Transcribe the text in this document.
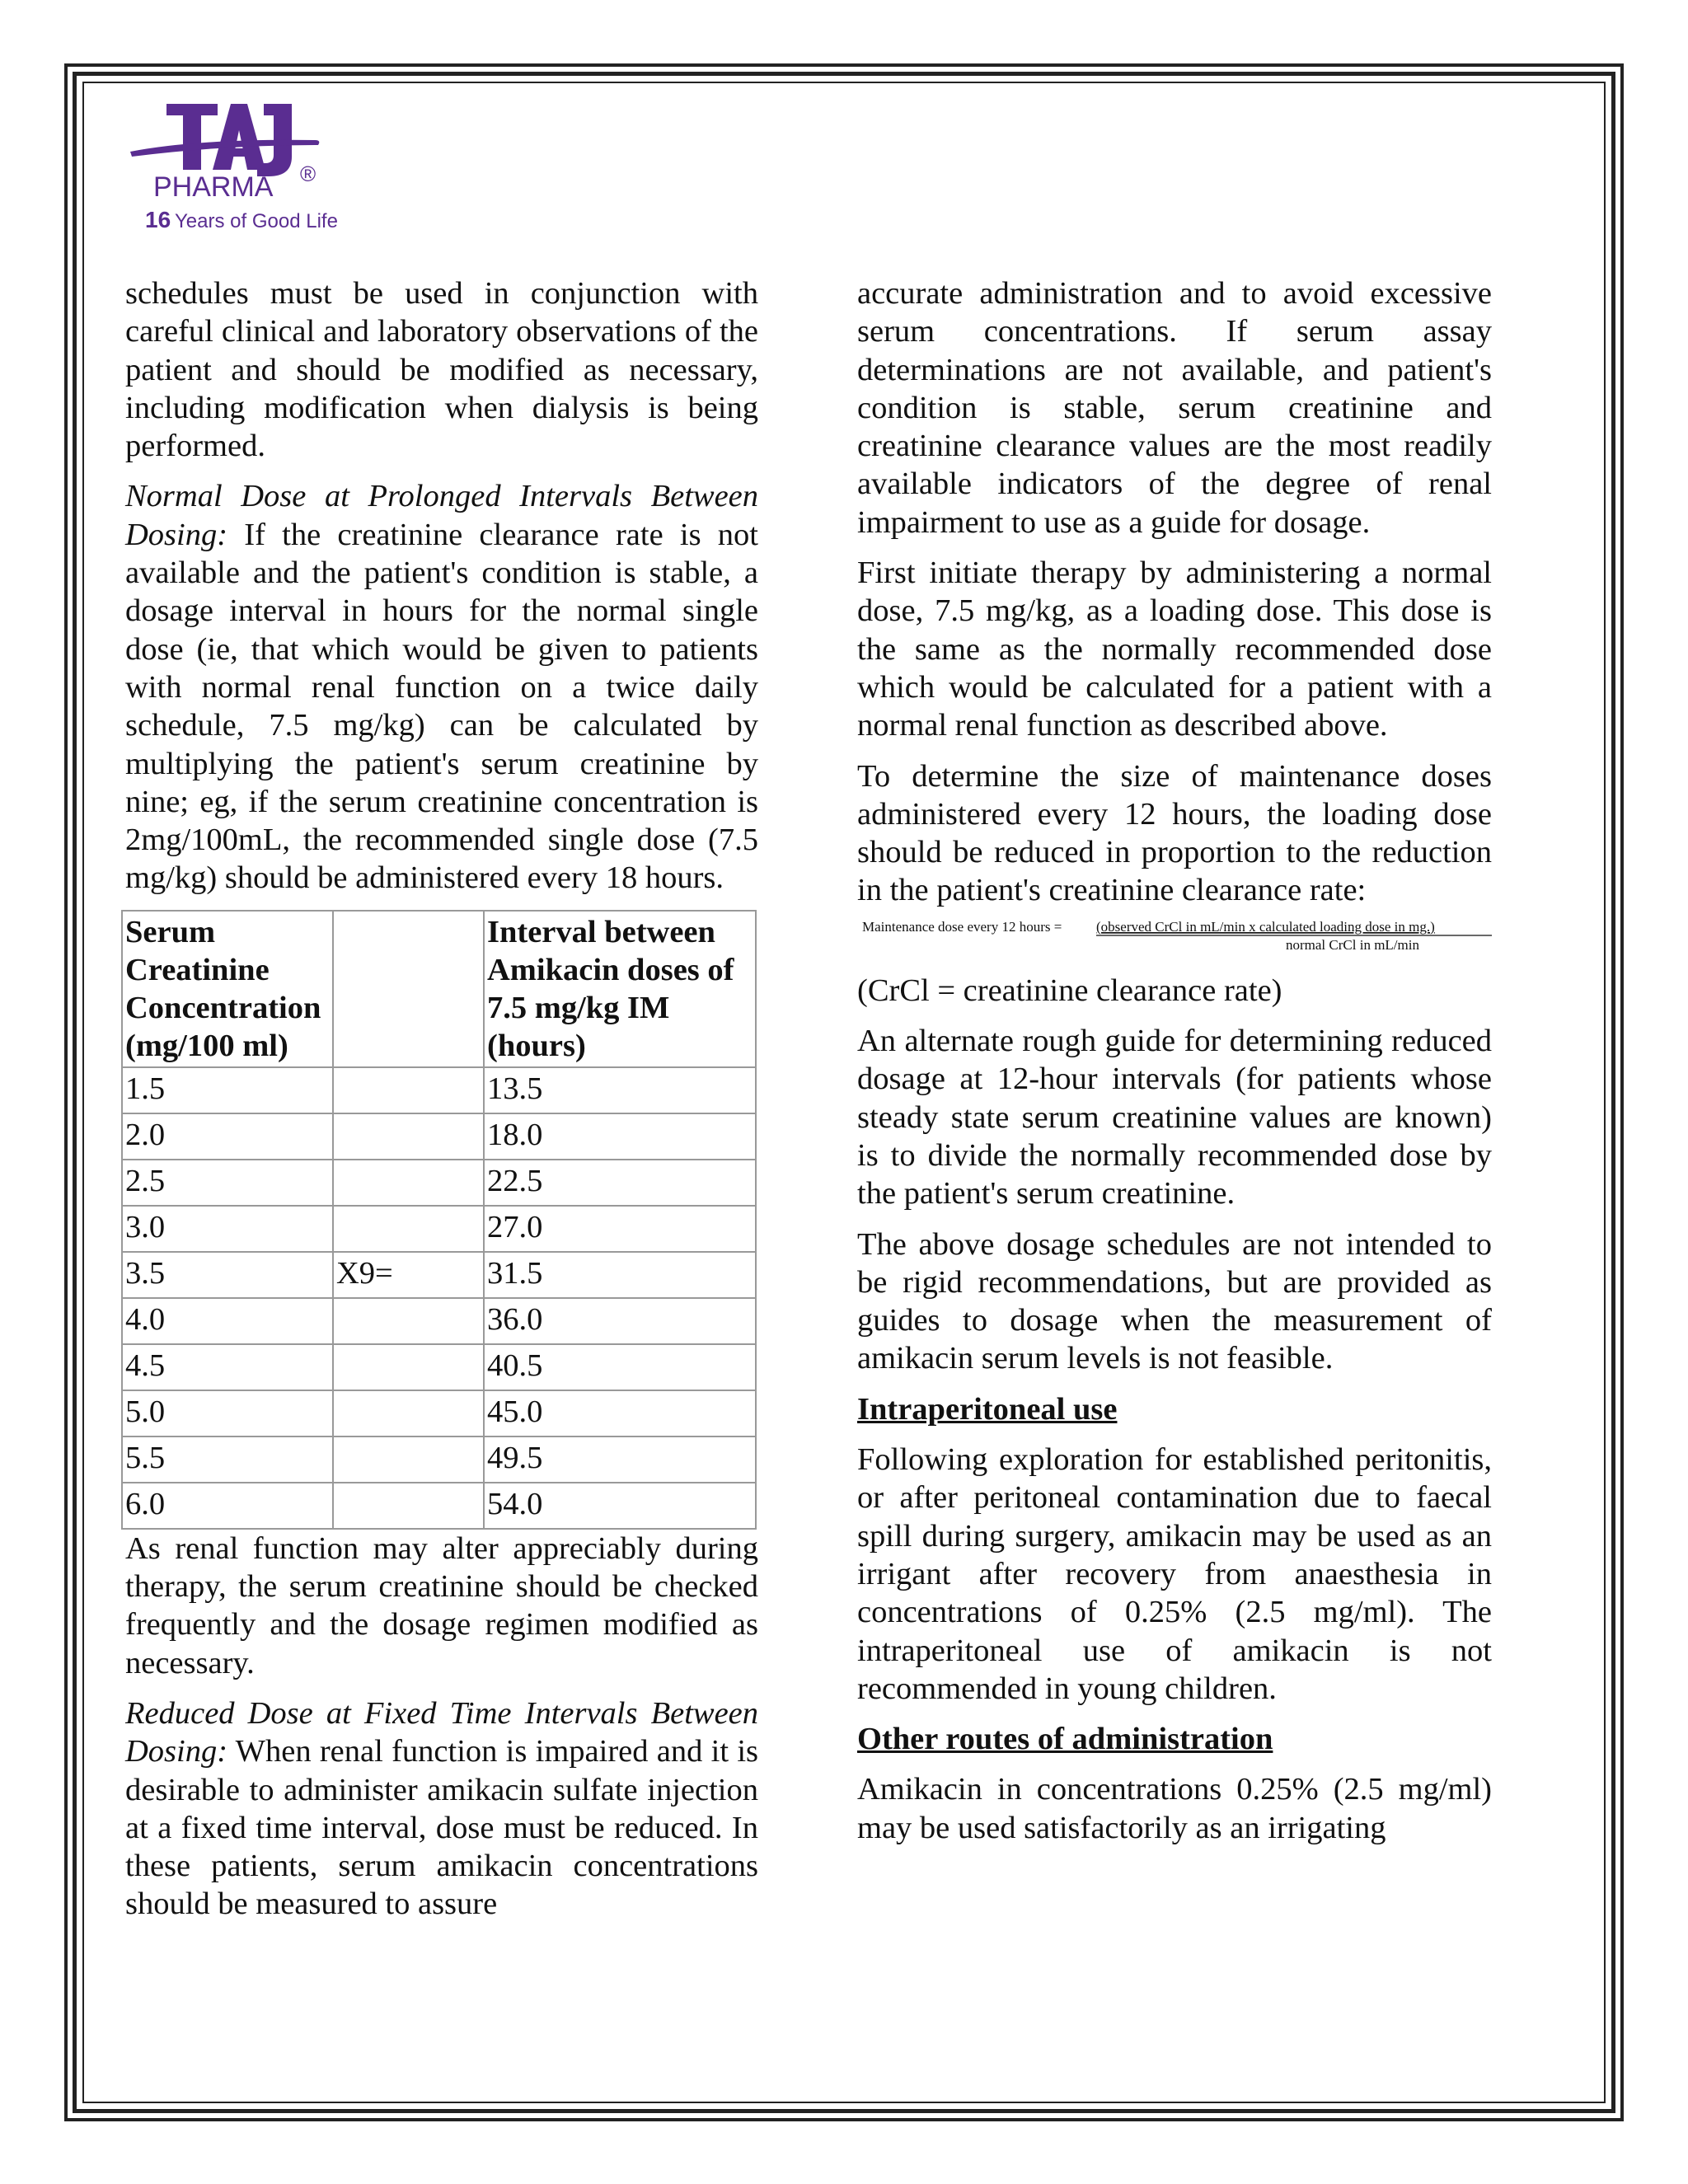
PHARMA ®
16 Years of Good Life

schedules must be used in conjunction with careful clinical and laboratory observations of the patient and should be modified as necessary, including modification when dialysis is being performed.

Normal Dose at Prolonged Intervals Between Dosing: If the creatinine clearance rate is not available and the patient's condition is stable, a dosage interval in hours for the normal single dose (ie, that which would be given to patients with normal renal function on a twice daily schedule, 7.5 mg/kg) can be calculated by multiplying the patient's serum creatinine by nine; eg, if the serum creatinine concentration is 2mg/100mL, the recommended single dose (7.5 mg/kg) should be administered every 18 hours.

Serum Creatinine Concentration (mg/100 ml)		Interval between Amikacin doses of 7.5 mg/kg IM (hours)
1.5		13.5
2.0		18.0
2.5		22.5
3.0		27.0
3.5	X9=	31.5
4.0		36.0
4.5		40.5
5.0		45.0
5.5		49.5
6.0		54.0

As renal function may alter appreciably during therapy, the serum creatinine should be checked frequently and the dosage regimen modified as necessary.

Reduced Dose at Fixed Time Intervals Between Dosing: When renal function is impaired and it is desirable to administer amikacin sulfate injection at a fixed time interval, dose must be reduced. In these patients, serum amikacin concentrations should be measured to assure

accurate administration and to avoid excessive serum concentrations. If serum assay determinations are not available, and patient's condition is stable, serum creatinine and creatinine clearance values are the most readily available indicators of the degree of renal impairment to use as a guide for dosage.

First initiate therapy by administering a normal dose, 7.5 mg/kg, as a loading dose. This dose is the same as the normally recommended dose which would be calculated for a patient with a normal renal function as described above.

To determine the size of maintenance doses administered every 12 hours, the loading dose should be reduced in proportion to the reduction in the patient's creatinine clearance rate:

Maintenance dose every 12 hours = (observed CrCl in mL/min x calculated loading dose in mg.)
normal CrCl in mL/min

(CrCl = creatinine clearance rate)

An alternate rough guide for determining reduced dosage at 12-hour intervals (for patients whose steady state serum creatinine values are known) is to divide the normally recommended dose by the patient's serum creatinine.

The above dosage schedules are not intended to be rigid recommendations, but are provided as guides to dosage when the measurement of amikacin serum levels is not feasible.

Intraperitoneal use

Following exploration for established peritonitis, or after peritoneal contamination due to faecal spill during surgery, amikacin may be used as an irrigant after recovery from anaesthesia in concentrations of 0.25% (2.5 mg/ml). The intraperitoneal use of amikacin is not recommended in young children.

Other routes of administration

Amikacin in concentrations 0.25% (2.5 mg/ml) may be used satisfactorily as an irrigating
